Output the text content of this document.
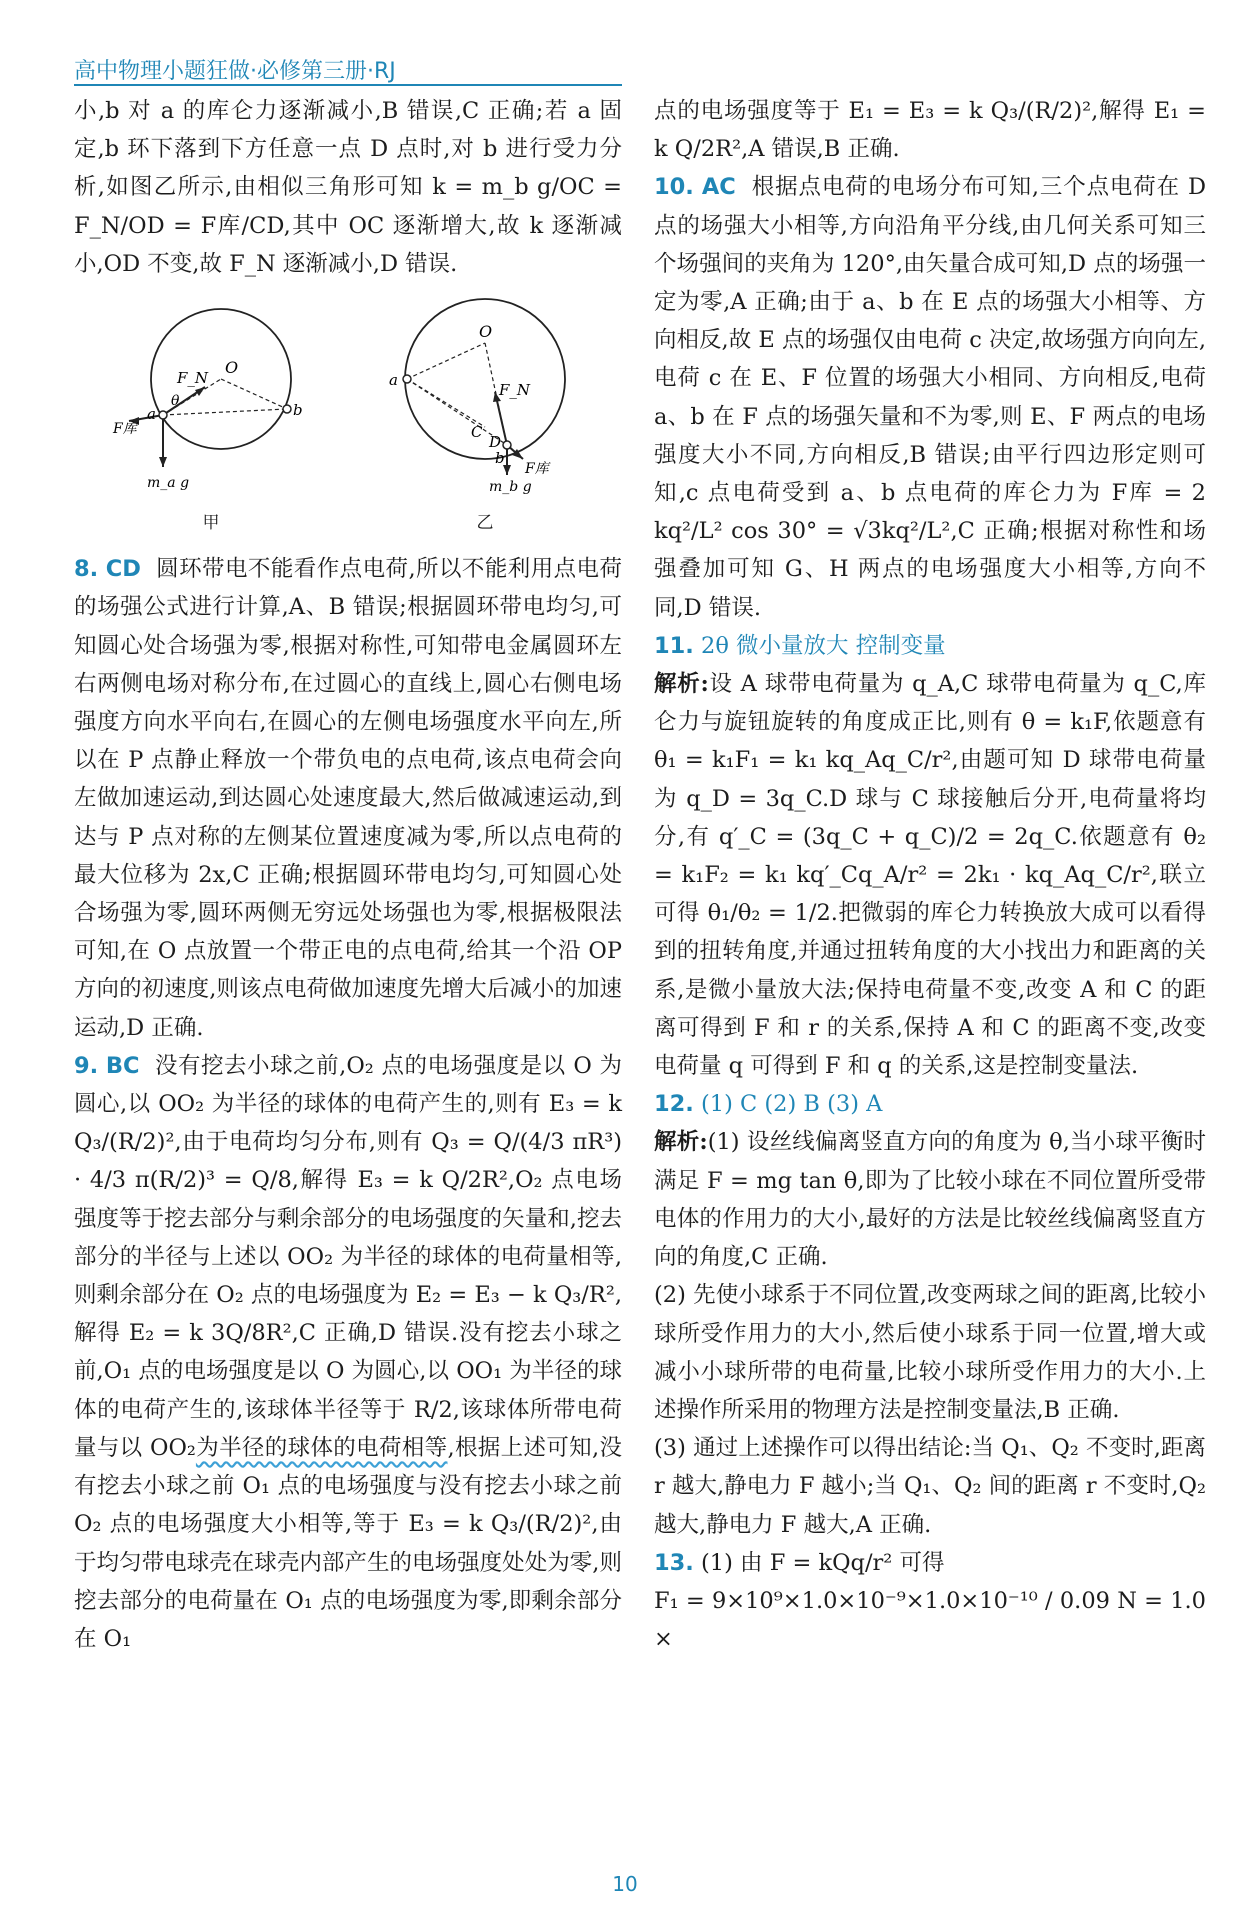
高中物理小题狂做·必修第三册·RJ

小,b 对 a 的库仑力逐渐减小,B 错误,C 正确;若 a 固定,b 环下落到下方任意一点 D 点时,对 b 进行受力分析,如图乙所示,由相似三角形可知 k = m_b g/OC = F_N/OD = F库/CD,其中 OC 逐渐增大,故 k 逐渐减小,OD 不变,故 F_N 逐渐减小,D 错误.

F_N
O
θ
a	b
F库
m_a g
O
F_N
a
C
D
b
F库
m_b g
甲	乙

8. CD 圆环带电不能看作点电荷,所以不能利用点电荷的场强公式进行计算,A、B 错误;根据圆环带电均匀,可知圆心处合场强为零,根据对称性,可知带电金属圆环左右两侧电场对称分布,在过圆心的直线上,圆心右侧电场强度方向水平向右,在圆心的左侧电场强度水平向左,所以在 P 点静止释放一个带负电的点电荷,该点电荷会向左做加速运动,到达圆心处速度最大,然后做减速运动,到达与 P 点对称的左侧某位置速度减为零,所以点电荷的最大位移为 2x,C 正确;根据圆环带电均匀,可知圆心处合场强为零,圆环两侧无穷远处场强也为零,根据极限法可知,在 O 点放置一个带正电的点电荷,给其一个沿 OP 方向的初速度,则该点电荷做加速度先增大后减小的加速运动,D 正确.

9. BC 没有挖去小球之前,O₂ 点的电场强度是以 O 为圆心,以 OO₂ 为半径的球体的电荷产生的,则有 E₃ = k Q₃/(R/2)²,由于电荷均匀分布,则有 Q₃ = Q/(4/3 πR³) · 4/3 π(R/2)³ = Q/8,解得 E₃ = k Q/2R²,O₂ 点电场强度等于挖去部分与剩余部分的电场强度的矢量和,挖去部分的半径与上述以 OO₂ 为半径的球体的电荷量相等,则剩余部分在 O₂ 点的电场强度为 E₂ = E₃ − k Q₃/R²,解得 E₂ = k 3Q/8R²,C 正确,D 错误.没有挖去小球之前,O₁ 点的电场强度是以 O 为圆心,以 OO₁ 为半径的球体的电荷产生的,该球体半径等于 R/2,该球体所带电荷量与以 OO₂为半径的球体的电荷相等,根据上述可知,没有挖去小球之前 O₁ 点的电场强度与没有挖去小球之前 O₂ 点的电场强度大小相等,等于 E₃ = k Q₃/(R/2)²,由于均匀带电球壳在球壳内部产生的电场强度处处为零,则挖去部分的电荷量在 O₁ 点的电场强度为零,即剩余部分在 O₁

点的电场强度等于 E₁ = E₃ = k Q₃/(R/2)²,解得 E₁ = k Q/2R²,A 错误,B 正确.

10. AC 根据点电荷的电场分布可知,三个点电荷在 D 点的场强大小相等,方向沿角平分线,由几何关系可知三个场强间的夹角为 120°,由矢量合成可知,D 点的场强一定为零,A 正确;由于 a、b 在 E 点的场强大小相等、方向相反,故 E 点的场强仅由电荷 c 决定,故场强方向向左,电荷 c 在 E、F 位置的场强大小相同、方向相反,电荷 a、b 在 F 点的场强矢量和不为零,则 E、F 两点的电场强度大小不同,方向相反,B 错误;由平行四边形定则可知,c 点电荷受到 a、b 点电荷的库仑力为 F库 = 2 kq²/L² cos 30° = √3kq²/L²,C 正确;根据对称性和场强叠加可知 G、H 两点的电场强度大小相等,方向不同,D 错误.

11. 2θ 微小量放大 控制变量

解析:设 A 球带电荷量为 q_A,C 球带电荷量为 q_C,库仑力与旋钮旋转的角度成正比,则有 θ = k₁F,依题意有 θ₁ = k₁F₁ = k₁ kq_Aq_C/r²,由题可知 D 球带电荷量为 q_D = 3q_C.D 球与 C 球接触后分开,电荷量将均分,有 q′_C = (3q_C + q_C)/2 = 2q_C.依题意有 θ₂ = k₁F₂ = k₁ kq′_Cq_A/r² = 2k₁ · kq_Aq_C/r²,联立可得 θ₁/θ₂ = 1/2.把微弱的库仑力转换放大成可以看得到的扭转角度,并通过扭转角度的大小找出力和距离的关系,是微小量放大法;保持电荷量不变,改变 A 和 C 的距离可得到 F 和 r 的关系,保持 A 和 C 的距离不变,改变电荷量 q 可得到 F 和 q 的关系,这是控制变量法.

12. (1) C (2) B (3) A

解析:(1) 设丝线偏离竖直方向的角度为 θ,当小球平衡时满足 F = mg tan θ,即为了比较小球在不同位置所受带电体的作用力的大小,最好的方法是比较丝线偏离竖直方向的角度,C 正确.

(2) 先使小球系于不同位置,改变两球之间的距离,比较小球所受作用力的大小,然后使小球系于同一位置,增大或减小小球所带的电荷量,比较小球所受作用力的大小.上述操作所采用的物理方法是控制变量法,B 正确.

(3) 通过上述操作可以得出结论:当 Q₁、Q₂ 不变时,距离 r 越大,静电力 F 越小;当 Q₁、Q₂ 间的距离 r 不变时,Q₂ 越大,静电力 F 越大,A 正确.

13. (1) 由 F = kQq/r² 可得

F₁ = 9×10⁹×1.0×10⁻⁹×1.0×10⁻¹⁰ / 0.09 N = 1.0 ×

10
